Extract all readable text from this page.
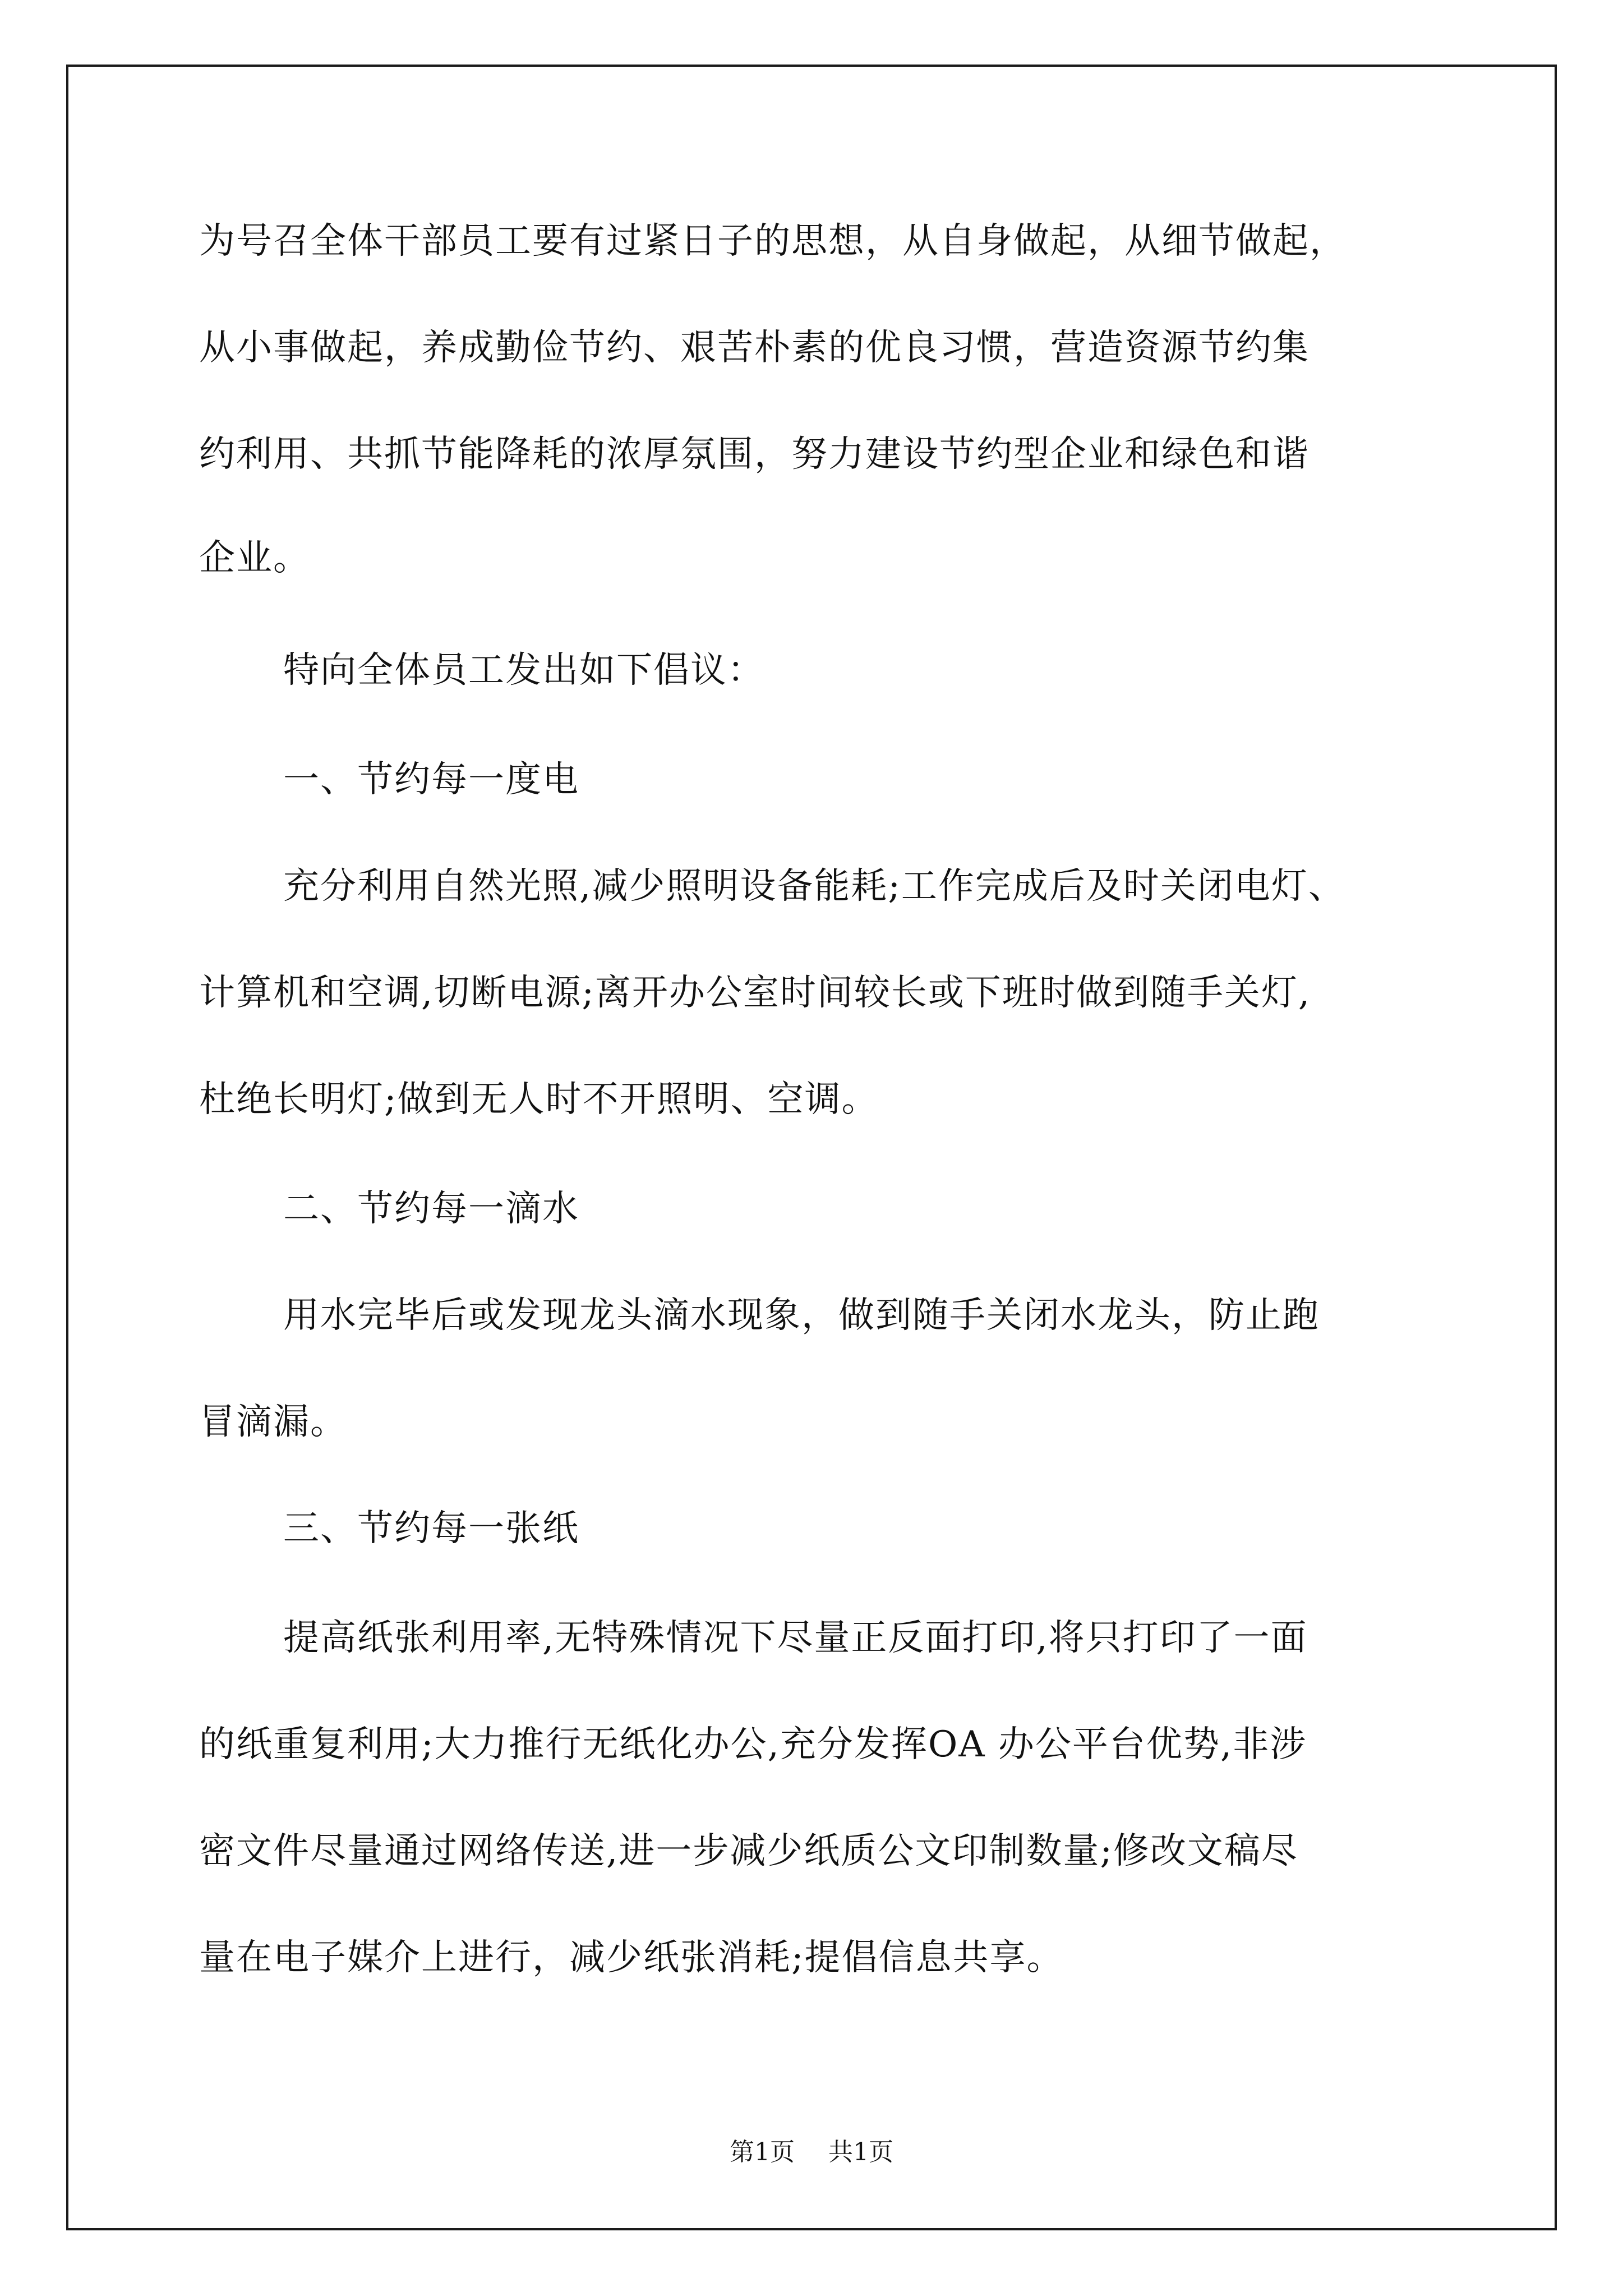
为号召全体干部员工要有过紧日子的思想，从自身做起，从细节做起，

从小事做起，养成勤俭节约、艰苦朴素的优良习惯，营造资源节约集

约利用、共抓节能降耗的浓厚氛围，努力建设节约型企业和绿色和谐

企业。

特向全体员工发出如下倡议：

一、节约每一度电

充分利用自然光照,减少照明设备能耗;工作完成后及时关闭电灯、

计算机和空调,切断电源;离开办公室时间较长或下班时做到随手关灯,

杜绝长明灯;做到无人时不开照明、空调。

二、节约每一滴水

用水完毕后或发现龙头滴水现象，做到随手关闭水龙头，防止跑

冒滴漏。

三、节约每一张纸

提高纸张利用率,无特殊情况下尽量正反面打印,将只打印了一面

的纸重复利用;大力推行无纸化办公,充分发挥OA 办公平台优势,非涉

密文件尽量通过网络传送,进一步减少纸质公文印制数量;修改文稿尽

量在电子媒介上进行，减少纸张消耗;提倡信息共享。

第1页 共1页
